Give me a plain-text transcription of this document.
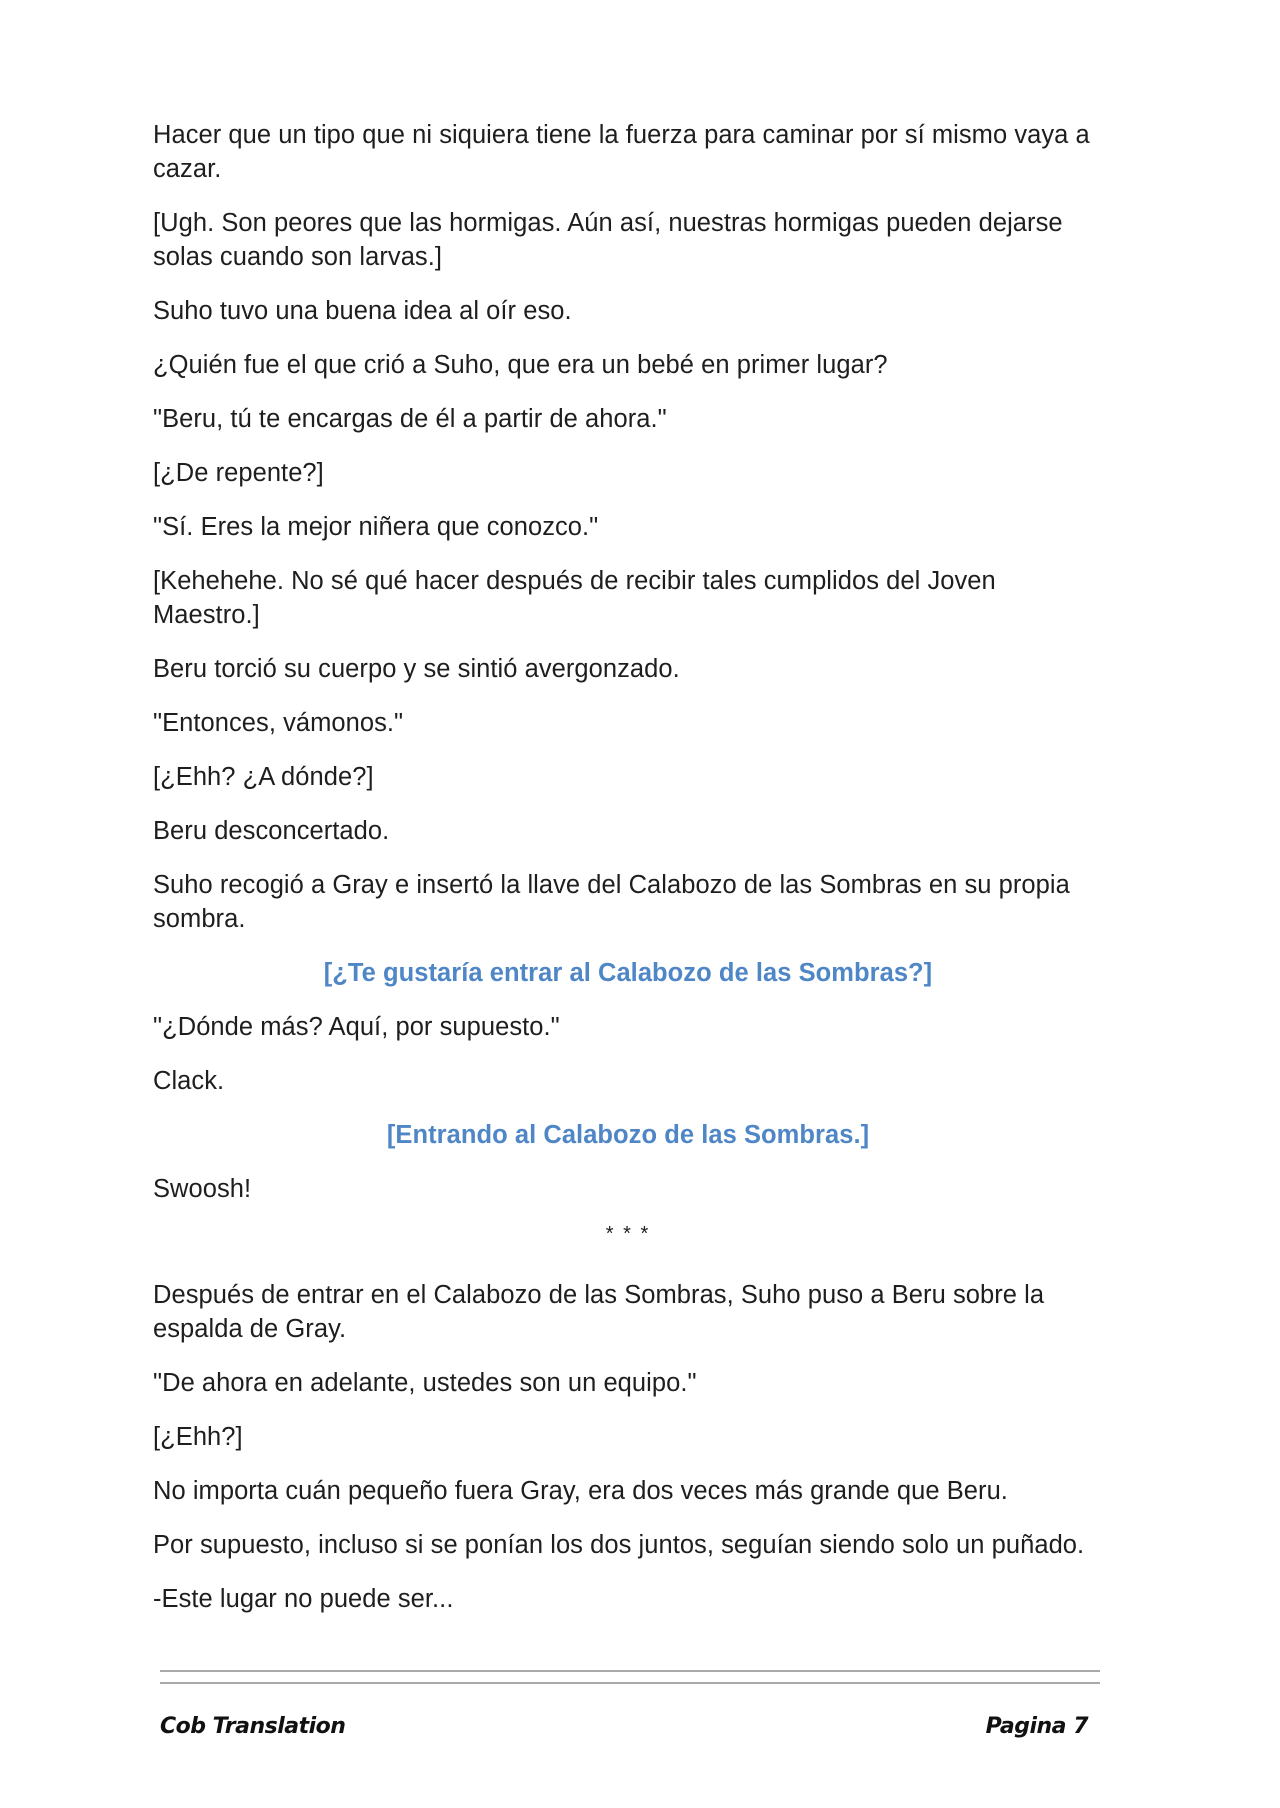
Hacer que un tipo que ni siquiera tiene la fuerza para caminar por sí mismo vaya a cazar.

[Ugh. Son peores que las hormigas. Aún así, nuestras hormigas pueden dejarse solas cuando son larvas.]

Suho tuvo una buena idea al oír eso.

¿Quién fue el que crió a Suho, que era un bebé en primer lugar?

"Beru, tú te encargas de él a partir de ahora."

[¿De repente?]

"Sí. Eres la mejor niñera que conozco."

[Kehehehe. No sé qué hacer después de recibir tales cumplidos del Joven Maestro.]

Beru torció su cuerpo y se sintió avergonzado.

"Entonces, vámonos."

[¿Ehh? ¿A dónde?]

Beru desconcertado.

Suho recogió a Gray e insertó la llave del Calabozo de las Sombras en su propia sombra.

[¿Te gustaría entrar al Calabozo de las Sombras?]

"¿Dónde más? Aquí, por supuesto."

Clack.

[Entrando al Calabozo de las Sombras.]

Swoosh!

* * *

Después de entrar en el Calabozo de las Sombras, Suho puso a Beru sobre la espalda de Gray.

"De ahora en adelante, ustedes son un equipo."

[¿Ehh?]

No importa cuán pequeño fuera Gray, era dos veces más grande que Beru.

Por supuesto, incluso si se ponían los dos juntos, seguían siendo solo un puñado.

-Este lugar no puede ser...

Cob Translation	Pagina 7
